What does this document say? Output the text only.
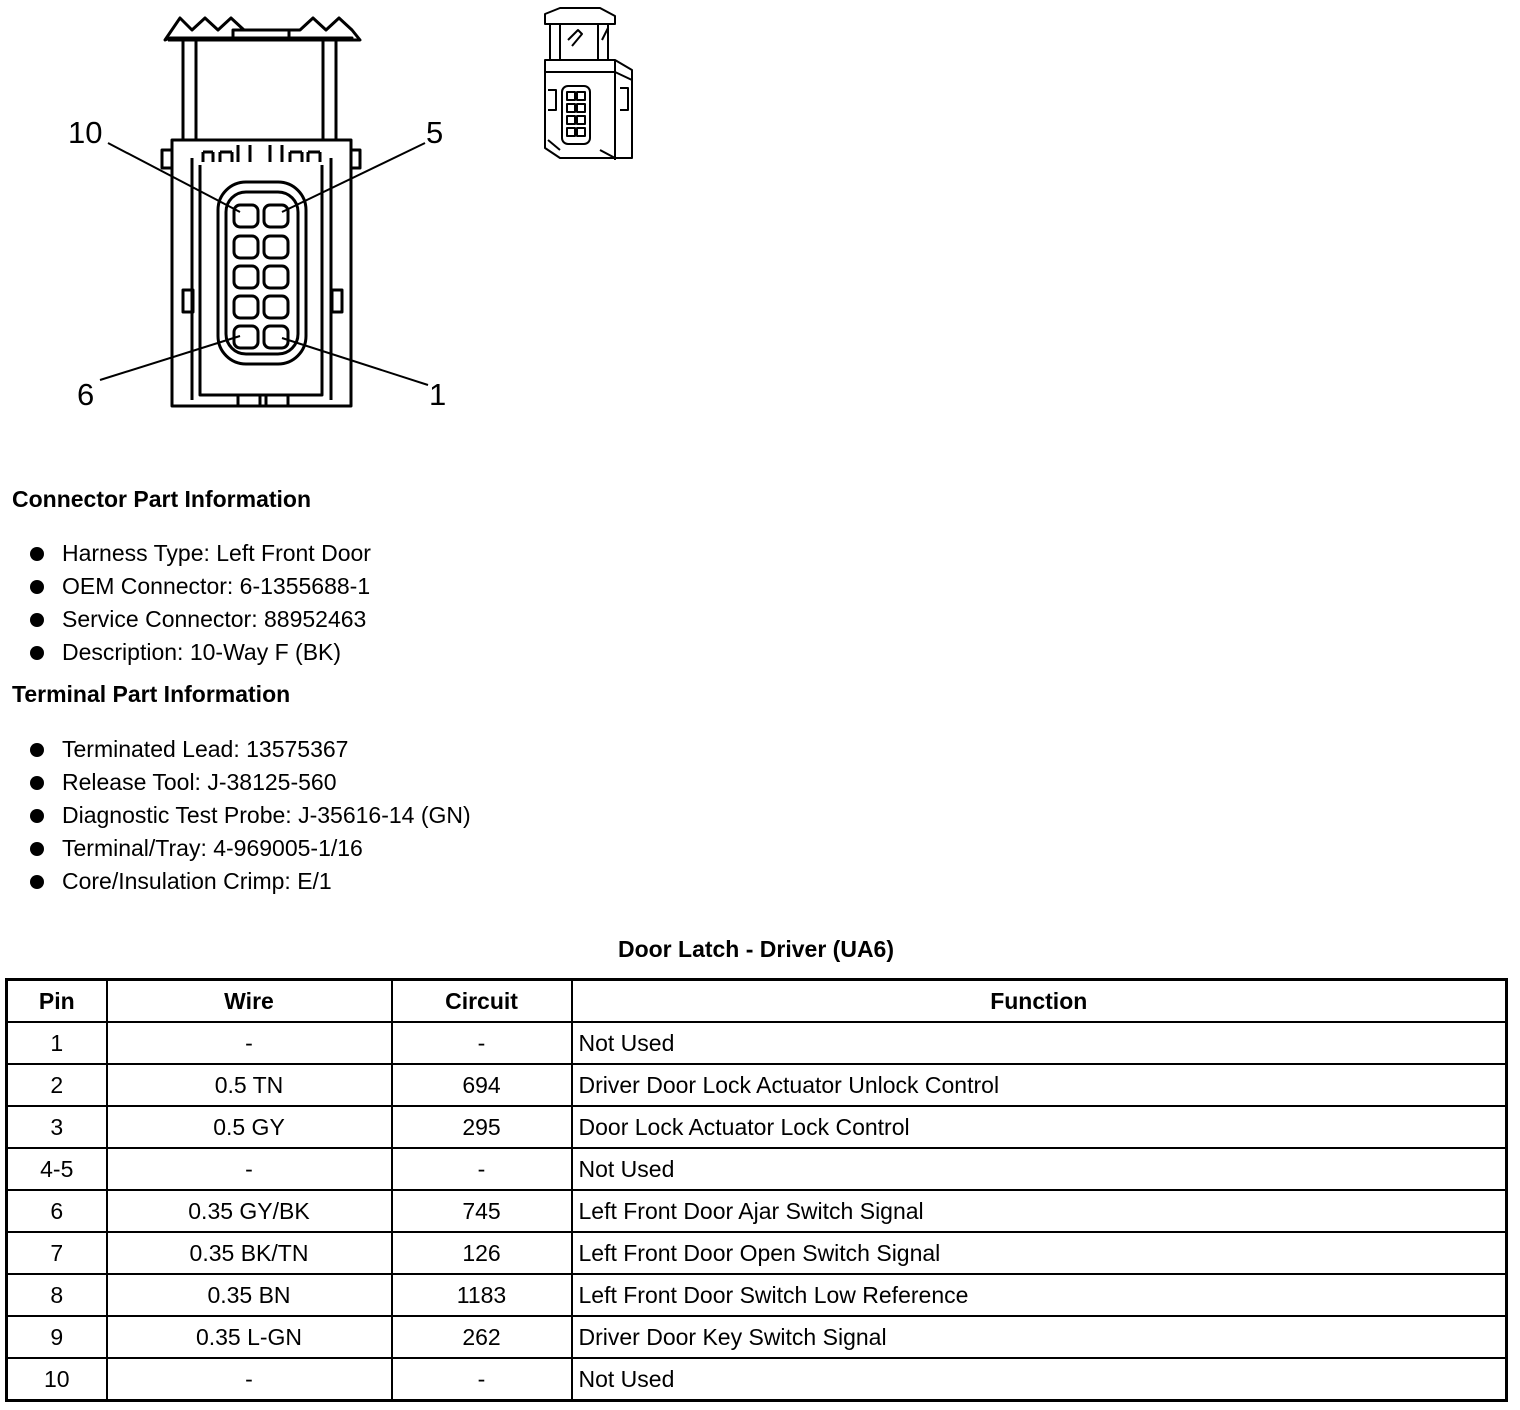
10	5
6	1
Connector Part Information
Harness Type: Left Front Door
OEM Connector: 6-1355688-1
Service Connector: 88952463
Description: 10-Way F (BK)
Terminal Part Information
Terminated Lead: 13575367
Release Tool: J-38125-560
Diagnostic Test Probe: J-35616-14 (GN)
Terminal/Tray: 4-969005-1/16
Core/Insulation Crimp: E/1
Door Latch - Driver (UA6)
Pin	Wire	Circuit	Function
1	-	-	Not Used
2	0.5 TN	694	Driver Door Lock Actuator Unlock Control
3	0.5 GY	295	Door Lock Actuator Lock Control
4-5	-	-	Not Used
6	0.35 GY/BK	745	Left Front Door Ajar Switch Signal
7	0.35 BK/TN	126	Left Front Door Open Switch Signal
8	0.35 BN	1183	Left Front Door Switch Low Reference
9	0.35 L-GN	262	Driver Door Key Switch Signal
10	-	-	Not Used
